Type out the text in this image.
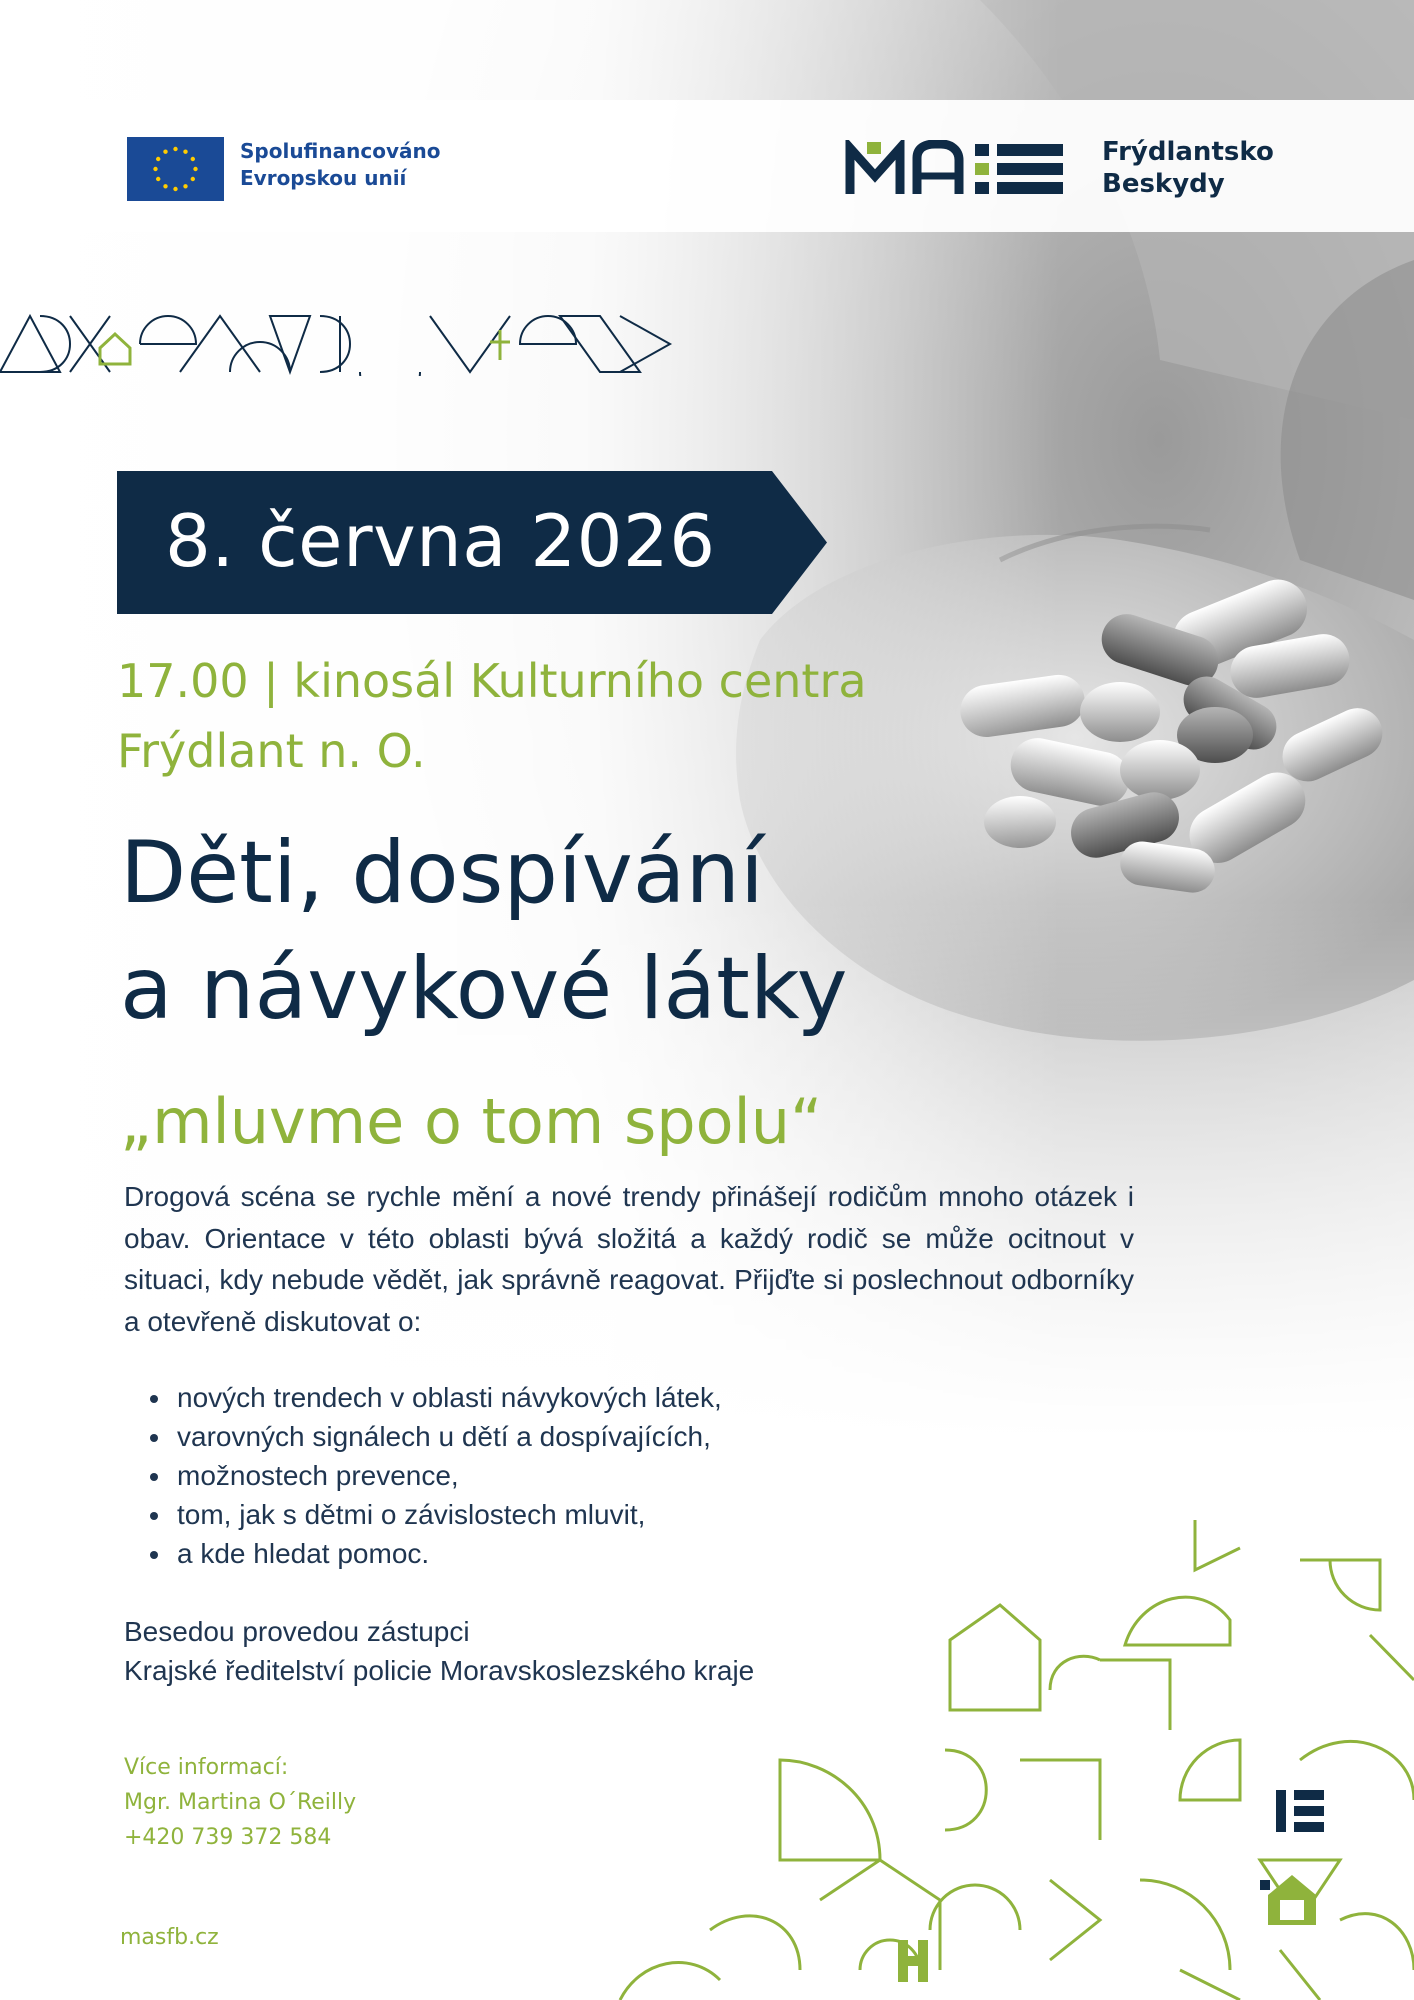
Spolufinancováno
Evropskou unií
Frýdlantsko
Beskydy
8. června 2026
17.00 | kinosál Kulturního centra
Frýdlant n. O.
Děti, dospívání
a návykové látky
„mluvme o tom spolu“

Drogová scéna se rychle mění a nové trendy přinášejí rodičům mnoho otázek i obav. Orientace v této oblasti bývá složitá a každý rodič se může ocitnout v situaci, kdy nebude vědět, jak správně reagovat. Přijďte si poslechnout odborníky a otevřeně diskutovat o:

• nových trendech v oblasti návykových látek,
• varovných signálech u dětí a dospívajících,
• možnostech prevence,
• tom, jak s dětmi o závislostech mluvit,
• a kde hledat pomoc.
Besedou provedou zástupci
Krajské ředitelství policie Moravskoslezského kraje
Více informací:
Mgr. Martina O´Reilly
+420 739 372 584
masfb.cz
